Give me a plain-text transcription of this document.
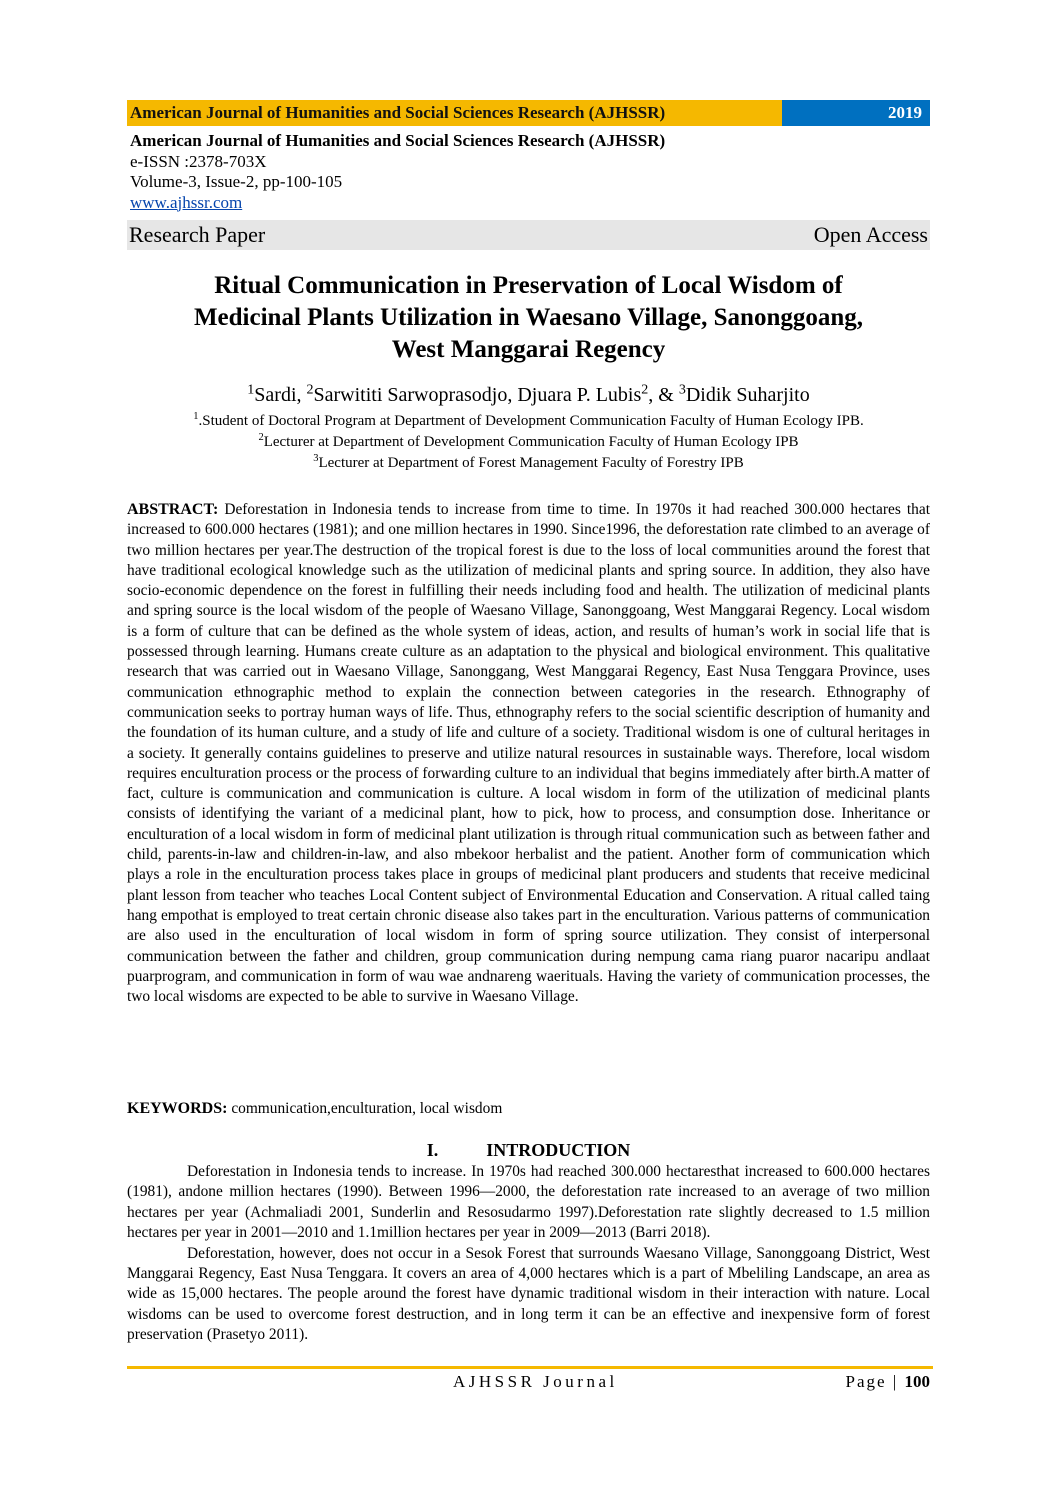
American Journal of Humanities and Social Sciences Research (AJHSSR)	2019
American Journal of Humanities and Social Sciences Research (AJHSSR)
e-ISSN :2378-703X
Volume-3, Issue-2, pp-100-105
www.ajhssr.com
Research Paper	Open Access
Ritual Communication in Preservation of Local Wisdom of
Medicinal Plants Utilization in Waesano Village, Sanonggoang,
West Manggarai Regency
$^1$Sardi, $^2$Sarwititi Sarwoprasodjo, Djuara P. Lubis$^2$, & $^3$Didik Suharjito
$^1$.Student of Doctoral Program at Department of Development Communication Faculty of Human Ecology IPB.
$^2$Lecturer at Department of Development Communication Faculty of Human Ecology IPB
$^3$Lecturer at Department of Forest Management Faculty of Forestry IPB
ABSTRACT: Deforestation in Indonesia tends to increase from time to time. In 1970s it had reached 300.000 hectares that increased to 600.000 hectares (1981); and one million hectares in 1990. Since1996, the deforestation rate climbed to an average of two million hectares per year.The destruction of the tropical forest is due to the loss of local communities around the forest that have traditional ecological knowledge such as the utilization of medicinal plants and spring source. In addition, they also have socio-economic dependence on the forest in fulfilling their needs including food and health. The utilization of medicinal plants and spring source is the local wisdom of the people of Waesano Village, Sanonggoang, West Manggarai Regency. Local wisdom is a form of culture that can be defined as the whole system of ideas, action, and results of human’s work in social life that is possessed through learning. Humans create culture as an adaptation to the physical and biological environment. This qualitative research that was carried out in Waesano Village, Sanonggang, West Manggarai Regency, East Nusa Tenggara Province, uses communication ethnographic method to explain the connection between categories in the research. Ethnography of communication seeks to portray human ways of life. Thus, ethnography refers to the social scientific description of humanity and the foundation of its human culture, and a study of life and culture of a society. Traditional wisdom is one of cultural heritages in a society. It generally contains guidelines to preserve and utilize natural resources in sustainable ways. Therefore, local wisdom requires enculturation process or the process of forwarding culture to an individual that begins immediately after birth.A matter of fact, culture is communication and communication is culture. A local wisdom in form of the utilization of medicinal plants consists of identifying the variant of a medicinal plant, how to pick, how to process, and consumption dose. Inheritance or enculturation of a local wisdom in form of medicinal plant utilization is through ritual communication such as between father and child, parents-in-law and children-in-law, and also mbekoor herbalist and the patient. Another form of communication which plays a role in the enculturation process takes place in groups of medicinal plant producers and students that receive medicinal plant lesson from teacher who teaches Local Content subject of Environmental Education and Conservation. A ritual called taing hang empothat is employed to treat certain chronic disease also takes part in the enculturation. Various patterns of communication are also used in the enculturation of local wisdom in form of spring source utilization. They consist of interpersonal communication between the father and children, group communication during nempung cama riang puaror nacaripu andlaat puarprogram, and communication in form of wau wae andnareng waerituals. Having the variety of communication processes, the two local wisdoms are expected to be able to survive in Waesano Village.
KEYWORDS: communication,enculturation, local wisdom
I.	INTRODUCTION

Deforestation in Indonesia tends to increase. In 1970s had reached 300.000 hectaresthat increased to 600.000 hectares (1981), andone million hectares (1990). Between 1996—2000, the deforestation rate increased to an average of two million hectares per year (Achmaliadi 2001, Sunderlin and Resosudarmo 1997).Deforestation rate slightly decreased to 1.5 million hectares per year in 2001—2010 and 1.1million hectares per year in 2009—2013 (Barri 2018).

Deforestation, however, does not occur in a Sesok Forest that surrounds Waesano Village, Sanonggoang District, West Manggarai Regency, East Nusa Tenggara. It covers an area of 4,000 hectares which is a part of Mbeliling Landscape, an area as wide as 15,000 hectares. The people around the forest have dynamic traditional wisdom in their interaction with nature. Local wisdoms can be used to overcome forest destruction, and in long term it can be an effective and inexpensive form of forest preservation (Prasetyo 2011).

AJHSSR Journal	Page | 100
